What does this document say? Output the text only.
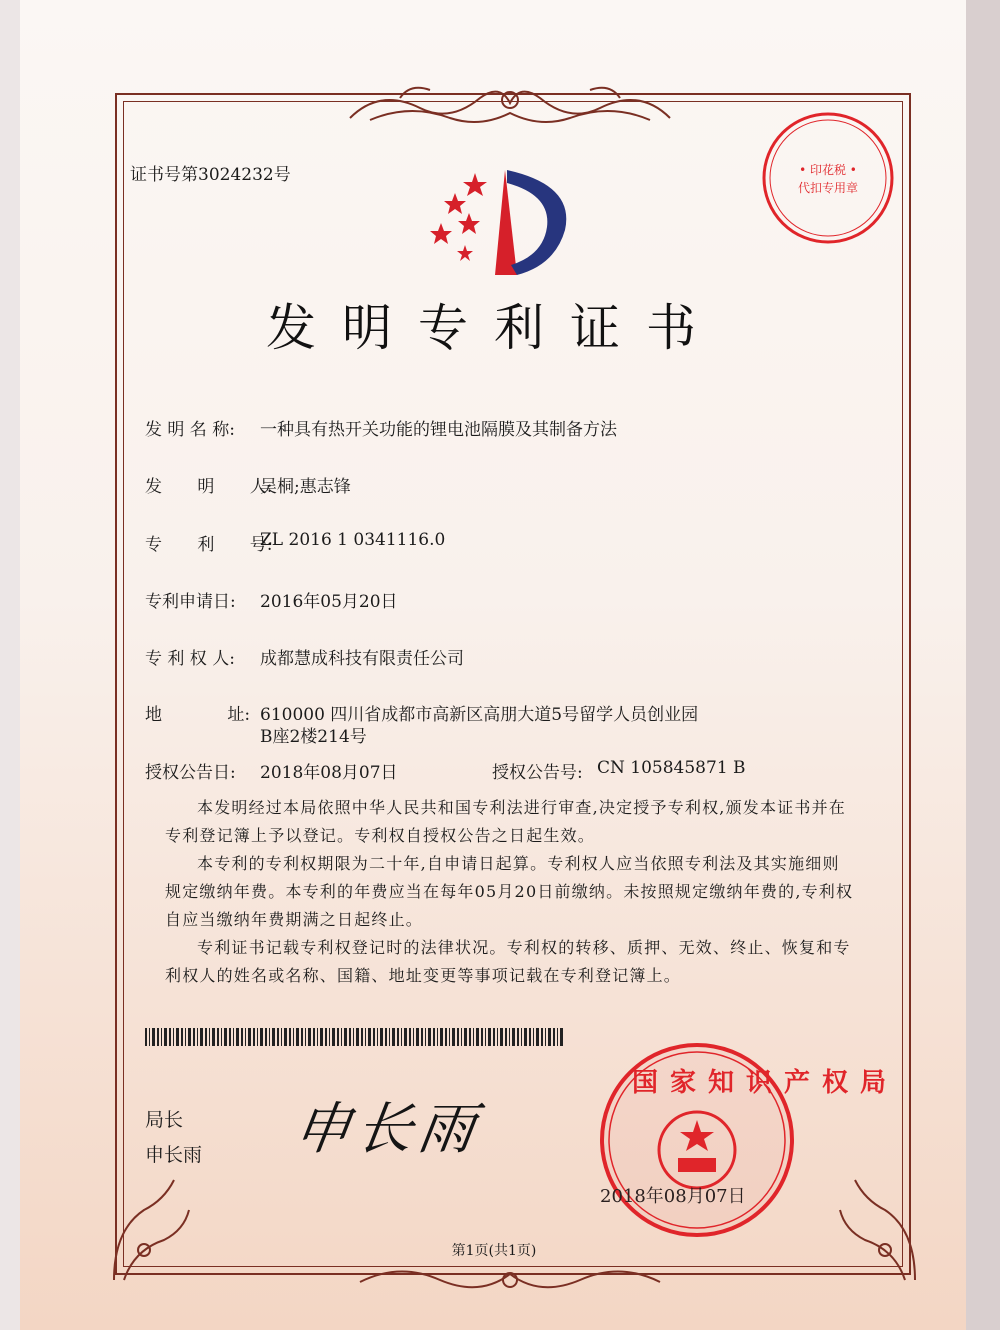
证书号第3024232号
发明专利证书
• 印花税 •
代扣专用章
发 明 名 称: 一种具有热开关功能的锂电池隔膜及其制备方法
发 明 人:
吴桐;惠志锋
专 利 号:
ZL 2016 1 0341116.0
专利申请日: 2016年05月20日
专 利 权 人: 成都慧成科技有限责任公司
地 址: 610000 四川省成都市高新区高朋大道5号留学人员创业园
B座2楼214号
授权公告日: 2018年08月07日	授权公告号: CN 105845871 B
本发明经过本局依照中华人民共和国专利法进行审查,决定授予专利权,颁发本证书并在专利登记簿上予以登记。专利权自授权公告之日起生效。
本专利的专利权期限为二十年,自申请日起算。专利权人应当依照专利法及其实施细则规定缴纳年费。本专利的年费应当在每年05月20日前缴纳。未按照规定缴纳年费的,专利权自应当缴纳年费期满之日起终止。
专利证书记载专利权登记时的法律状况。专利权的转移、质押、无效、终止、恢复和专利权人的姓名或名称、国籍、地址变更等事项记载在专利登记簿上。
局长
申长雨 申长雨
国家知识产权局
2018年08月07日
第1页(共1页)
